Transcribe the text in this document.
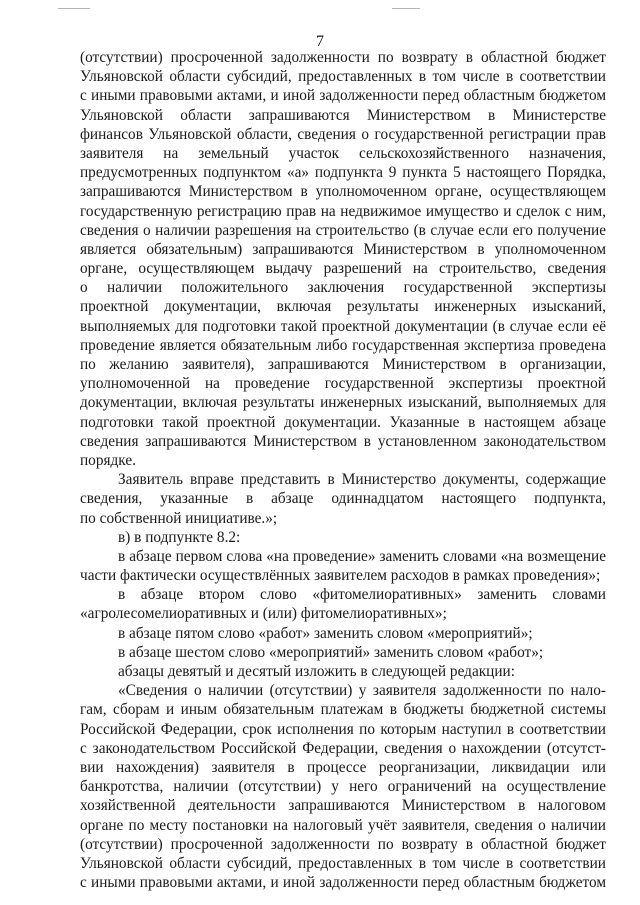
7
(отсутствии) просроченной задолженности по возврату в областной бюджет
Ульяновской области субсидий, предоставленных в том числе в соответствии
с иными правовыми актами, и иной задолженности перед областным бюджетом
Ульяновской области запрашиваются Министерством в Министерстве
финансов Ульяновской области, сведения о государственной регистрации прав
заявителя на земельный участок сельскохозяйственного назначения,
предусмотренных подпунктом «а» подпункта 9 пункта 5 настоящего Порядка,
запрашиваются Министерством в уполномоченном органе, осуществляющем
государственную регистрацию прав на недвижимое имущество и сделок с ним,
сведения о наличии разрешения на строительство (в случае если его получение
является обязательным) запрашиваются Министерством в уполномоченном
органе, осуществляющем выдачу разрешений на строительство, сведения
о наличии положительного заключения государственной экспертизы
проектной документации, включая результаты инженерных изысканий,
выполняемых для подготовки такой проектной документации (в случае если её
проведение является обязательным либо государственная экспертиза проведена
по желанию заявителя), запрашиваются Министерством в организации,
уполномоченной на проведение государственной экспертизы проектной
документации, включая результаты инженерных изысканий, выполняемых для
подготовки такой проектной документации. Указанные в настоящем абзаце
сведения запрашиваются Министерством в установленном законодательством
порядке.
Заявитель вправе представить в Министерство документы, содержащие
сведения, указанные в абзаце одиннадцатом настоящего подпункта,
по собственной инициативе.»;
в) в подпункте 8.2:
в абзаце первом слова «на проведение» заменить словами «на возмещение
части фактически осуществлённых заявителем расходов в рамках проведения»;
в абзаце втором слово «фитомелиоративных» заменить словами
«агролесомелиоративных и (или) фитомелиоративных»;
в абзаце пятом слово «работ» заменить словом «мероприятий»;
в абзаце шестом слово «мероприятий» заменить словом «работ»;
абзацы девятый и десятый изложить в следующей редакции:
«Сведения о наличии (отсутствии) у заявителя задолженности по нало-
гам, сборам и иным обязательным платежам в бюджеты бюджетной системы
Российской Федерации, срок исполнения по которым наступил в соответствии
с законодательством Российской Федерации, сведения о нахождении (отсутст-
вии нахождения) заявителя в процессе реорганизации, ликвидации или
банкротства, наличии (отсутствии) у него ограничений на осуществление
хозяйственной деятельности запрашиваются Министерством в налоговом
органе по месту постановки на налоговый учёт заявителя, сведения о наличии
(отсутствии) просроченной задолженности по возврату в областной бюджет
Ульяновской области субсидий, предоставленных в том числе в соответствии
с иными правовыми актами, и иной задолженности перед областным бюджетом
